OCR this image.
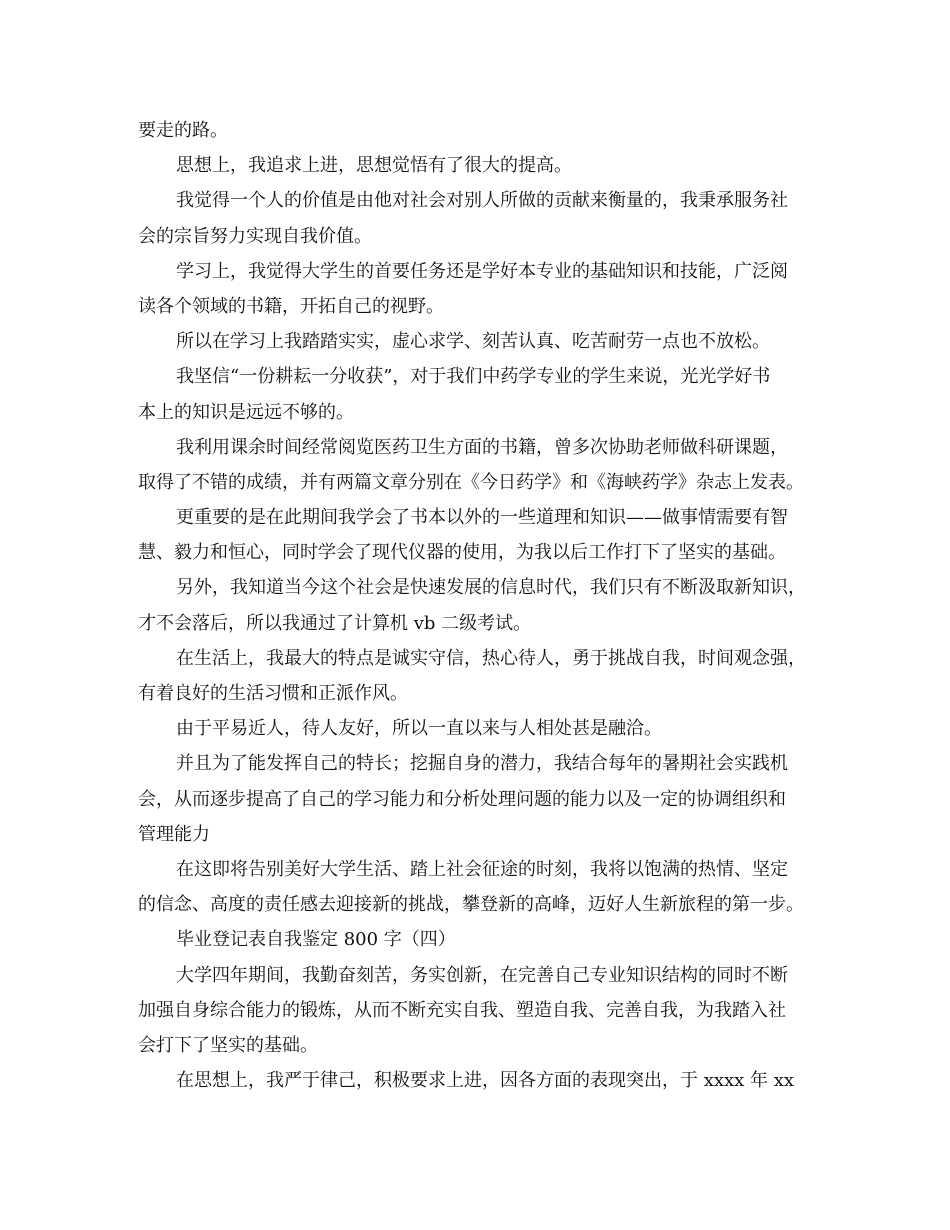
要走的路。
思想上，我追求上进，思想觉悟有了很大的提高。
我觉得一个人的价值是由他对社会对别人所做的贡献来衡量的，我秉承服务社
会的宗旨努力实现自我价值。
学习上，我觉得大学生的首要任务还是学好本专业的基础知识和技能，广泛阅
读各个领域的书籍，开拓自己的视野。
所以在学习上我踏踏实实，虚心求学、刻苦认真、吃苦耐劳一点也不放松。
我坚信“一份耕耘一分收获”，对于我们中药学专业的学生来说，光光学好书
本上的知识是远远不够的。
我利用课余时间经常阅览医药卫生方面的书籍，曾多次协助老师做科研课题，
取得了不错的成绩，并有两篇文章分别在《今日药学》和《海峡药学》杂志上发表。
更重要的是在此期间我学会了书本以外的一些道理和知识——做事情需要有智
慧、毅力和恒心，同时学会了现代仪器的使用，为我以后工作打下了坚实的基础。
另外，我知道当今这个社会是快速发展的信息时代，我们只有不断汲取新知识，
才不会落后，所以我通过了计算机 vb 二级考试。
在生活上，我最大的特点是诚实守信，热心待人，勇于挑战自我，时间观念强，
有着良好的生活习惯和正派作风。
由于平易近人，待人友好，所以一直以来与人相处甚是融洽。
并且为了能发挥自己的特长；挖掘自身的潜力，我结合每年的暑期社会实践机
会，从而逐步提高了自己的学习能力和分析处理问题的能力以及一定的协调组织和
管理能力
在这即将告别美好大学生活、踏上社会征途的时刻，我将以饱满的热情、坚定
的信念、高度的责任感去迎接新的挑战，攀登新的高峰，迈好人生新旅程的第一步。
毕业登记表自我鉴定 800 字（四）
大学四年期间，我勤奋刻苦，务实创新，在完善自己专业知识结构的同时不断
加强自身综合能力的锻炼，从而不断充实自我、塑造自我、完善自我，为我踏入社
会打下了坚实的基础。
在思想上，我严于律己，积极要求上进，因各方面的表现突出，于 xxxx 年 xx
